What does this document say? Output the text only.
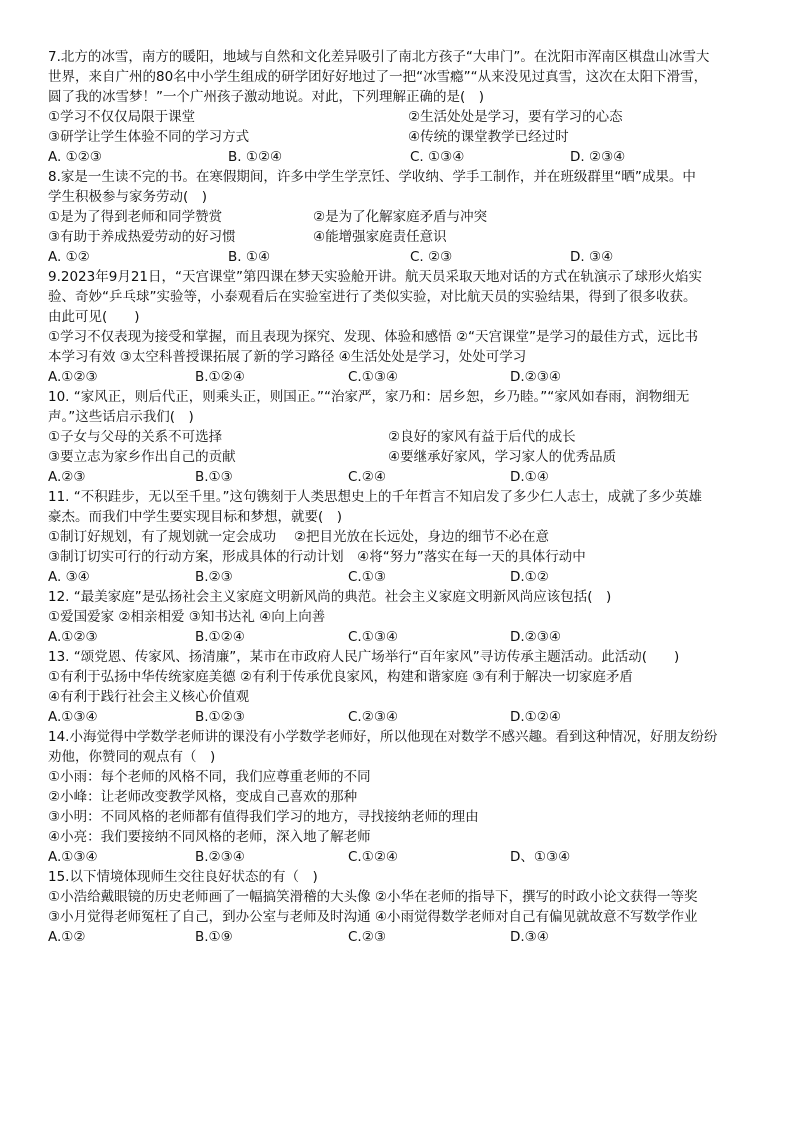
7.北方的冰雪，南方的暖阳，地域与自然和文化差异吸引了南北方孩子“大串门”。在沈阳市浑南区棋盘山冰雪大
世界，来自广州的80名中小学生组成的研学团好好地过了一把“冰雪瘾”“从来没见过真雪，这次在太阳下滑雪，
圆了我的冰雪梦！”一个广州孩子激动地说。对此，下列理解正确的是(　)
①学习不仅仅局限于课堂	②生活处处是学习，要有学习的心态
③研学让学生体验不同的学习方式	④传统的课堂教学已经过时
A. ①②③	B. ①②④	C. ①③④	D. ②③④
8.家是一生读不完的书。在寒假期间，许多中学生学烹饪、学收纳、学手工制作，并在班级群里“晒”成果。中
学生积极参与家务劳动(　)
①是为了得到老师和同学赞赏	②是为了化解家庭矛盾与冲突
③有助于养成热爱劳动的好习惯	④能增强家庭责任意识
A. ①②	B. ①④	C. ②③	D. ③④
9.2023年9月21日，“天宫课堂”第四课在梦天实验舱开讲。航天员采取天地对话的方式在轨演示了球形火焰实
验、奇妙“乒乓球”实验等，小泰观看后在实验室进行了类似实验，对比航天员的实验结果，得到了很多收获。
由此可见(　　)
①学习不仅表现为接受和掌握，而且表现为探究、发现、体验和感悟 ②“天宫课堂”是学习的最佳方式，远比书
本学习有效 ③太空科普授课拓展了新的学习路径 ④生活处处是学习，处处可学习
A.①②③	B.①②④	C.①③④	D.②③④
10. “家风正，则后代正，则乘头正，则国正。”“治家严，家乃和：居乡恕，乡乃睦。”“家风如春雨，润物细无
声。”这些话启示我们(　)
①子女与父母的关系不可选择	②良好的家风有益于后代的成长
③要立志为家乡作出自己的贡献	④要继承好家风，学习家人的优秀品质
A.②③	B.①③	C.②④	D.①④
11. “不积跬步，无以至千里。”这句镌刻于人类思想史上的千年哲言不知启发了多少仁人志士，成就了多少英雄
豪杰。而我们中学生要实现目标和梦想，就要(　)
①制订好规划，有了规划就一定会成功　 ②把目光放在长远处，身边的细节不必在意
③制订切实可行的行动方案，形成具体的行动计划　④将“努力”落实在每一天的具体行动中
A. ③④	B.②③	C.①③	D.①②
12. “最美家庭”是弘扬社会主义家庭文明新风尚的典范。社会主义家庭文明新风尚应该包括(　)
①爱国爱家 ②相亲相爱 ③知书达礼 ④向上向善
A.①②③	B.①②④	C.①③④	D.②③④
13. “颂党恩、传家风、扬清廉”，某市在市政府人民广场举行“百年家风”寻访传承主题活动。此活动(　　)
①有利于弘扬中华传统家庭美德 ②有利于传承优良家风，构建和谐家庭 ③有利于解决一切家庭矛盾
④有利于践行社会主义核心价值观
A.①③④	B.①②③	C.②③④	D.①②④
14.小海觉得中学数学老师讲的课没有小学数学老师好，所以他现在对数学不感兴趣。看到这种情况，好朋友纷纷
劝他，你赞同的观点有（　)
①小雨：每个老师的风格不同，我们应尊重老师的不同
②小峰：让老师改变教学风格，变成自己喜欢的那种
③小明：不同风格的老师都有值得我们学习的地方，寻找接纳老师的理由
④小亮：我们要接纳不同风格的老师，深入地了解老师
A.①③④	B.②③④	C.①②④	D、①③④
15.以下情境体现师生交往良好状态的有（　)
①小浩给戴眼镜的历史老师画了一幅搞笑滑稽的大头像 ②小华在老师的指导下，撰写的时政小论文获得一等奖
③小月觉得老师冤枉了自己，到办公室与老师及时沟通 ④小雨觉得数学老师对自己有偏见就故意不写数学作业
A.①②	B.①⑨	C.②③	D.③④
